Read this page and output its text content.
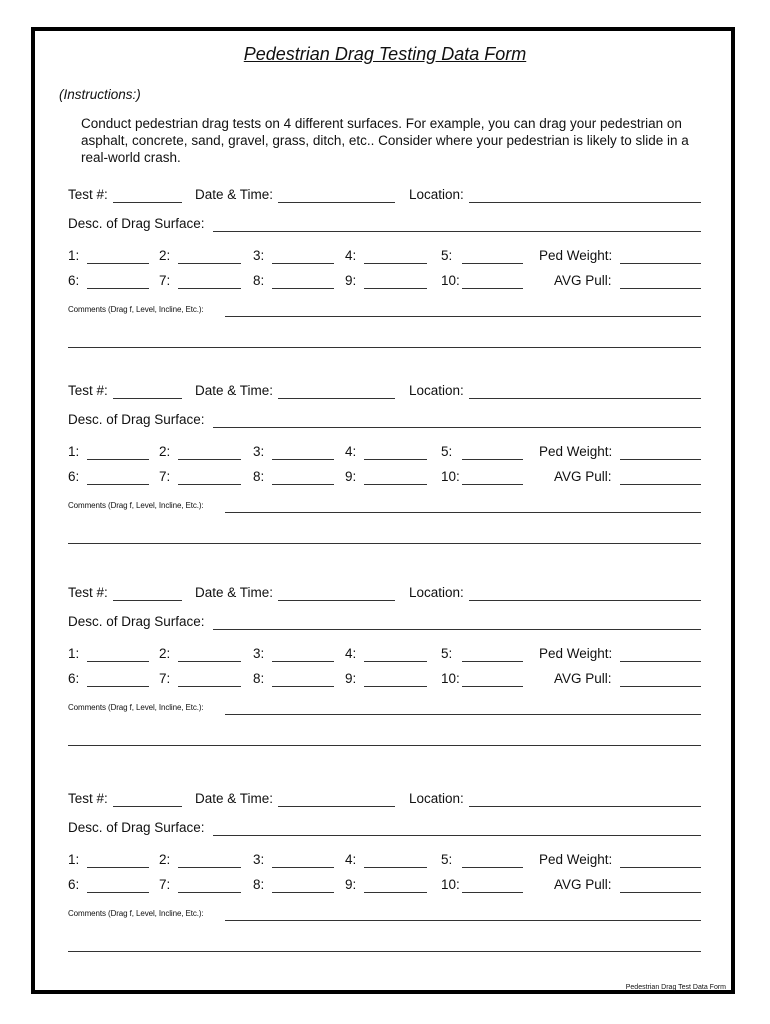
Pedestrian Drag Testing Data Form
(Instructions:)
Conduct pedestrian drag tests on 4 different surfaces. For example, you can drag your pedestrian on asphalt, concrete, sand, gravel, grass, ditch, etc.. Consider where your pedestrian is likely to slide in a real-world crash.
Test #:	Date & Time:	Location:
Desc. of Drag Surface:
1:	2:	3:	4:	5:
6:	7:	8:	9:	10:
Ped Weight:
AVG Pull:
Comments (Drag f, Level, Incline, Etc.):
Test #:	Date & Time:	Location:
Desc. of Drag Surface:
1:	2:	3:	4:	5:
6:	7:	8:	9:	10:
Ped Weight:
AVG Pull:
Comments (Drag f, Level, Incline, Etc.):
Test #:	Date & Time:	Location:
Desc. of Drag Surface:
1:	2:	3:	4:	5:
6:	7:	8:	9:	10:
Ped Weight:
AVG Pull:
Comments (Drag f, Level, Incline, Etc.):
Test #:	Date & Time:	Location:
Desc. of Drag Surface:
1:	2:	3:	4:	5:
6:	7:	8:	9:	10:
Ped Weight:
AVG Pull:
Comments (Drag f, Level, Incline, Etc.):
Pedestrian Drag Test Data Form
